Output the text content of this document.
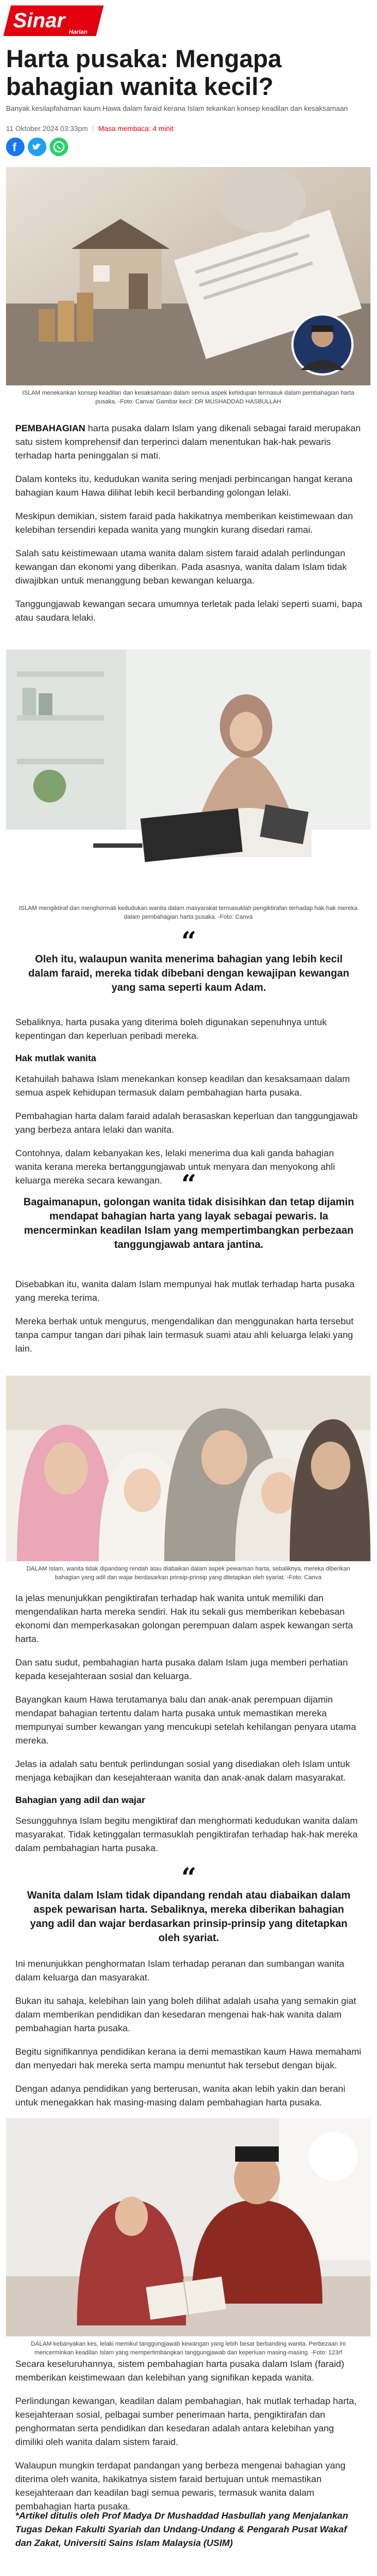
Sinar Harian
Harta pusaka: Mengapa bahagian wanita kecil?

Banyak kesilapfahaman kaum Hawa dalam faraid kerana Islam tekankan konsep keadilan dan kesaksamaan

11 Oktober 2024 03:33pm Masa membaca: 4 minit
f
ISLAM menekankan konsep keadilan dan kesaksamaan dalam semua aspek kehidupan termasuk dalam pembahagian harta pusaka. -Foto: Canva/ Gambar kecil: DR MUSHADDAD HASBULLAH

PEMBAHAGIAN harta pusaka dalam Islam yang dikenali sebagai faraid merupakan satu sistem komprehensif dan terperinci dalam menentukan hak-hak pewaris terhadap harta peninggalan si mati.

Dalam konteks itu, kedudukan wanita sering menjadi perbincangan hangat kerana bahagian kaum Hawa dilihat lebih kecil berbanding golongan lelaki.

Meskipun demikian, sistem faraid pada hakikatnya memberikan keistimewaan dan kelebihan tersendiri kepada wanita yang mungkin kurang disedari ramai.

Salah satu keistimewaan utama wanita dalam sistem faraid adalah perlindungan kewangan dan ekonomi yang diberikan. Pada asasnya, wanita dalam Islam tidak diwajibkan untuk menanggung beban kewangan keluarga.

Tanggungjawab kewangan secara umumnya terletak pada lelaki seperti suami, bapa atau saudara lelaki.

ISLAM mengiktiraf dan menghormati kedudukan wanita dalam masyarakat termasuklah pengiktirafan terhadap hak-hak mereka dalam pembahagian harta pusaka. -Foto: Canva
“

Oleh itu, walaupun wanita menerima bahagian yang lebih kecil dalam faraid, mereka tidak dibebani dengan kewajipan kewangan yang sama seperti kaum Adam.

Sebaliknya, harta pusaka yang diterima boleh digunakan sepenuhnya untuk kepentingan dan keperluan peribadi mereka.

Hak mutlak wanita

Ketahuilah bahawa Islam menekankan konsep keadilan dan kesaksamaan dalam semua aspek kehidupan termasuk dalam pembahagian harta pusaka.

Pembahagian harta dalam faraid adalah berasaskan keperluan dan tanggungjawab yang berbeza antara lelaki dan wanita.

Contohnya, dalam kebanyakan kes, lelaki menerima dua kali ganda bahagian wanita kerana mereka bertanggungjawab untuk menyara dan menyokong ahli keluarga mereka secara kewangan. “

Bagaimanapun, golongan wanita tidak disisihkan dan tetap dijamin mendapat bahagian harta yang layak sebagai pewaris. Ia mencerminkan keadilan Islam yang mempertimbangkan perbezaan tanggungjawab antara jantina.

Disebabkan itu, wanita dalam Islam mempunyai hak mutlak terhadap harta pusaka yang mereka terima.

Mereka berhak untuk mengurus, mengendalikan dan menggunakan harta tersebut tanpa campur tangan dari pihak lain termasuk suami atau ahli keluarga lelaki yang lain.

DALAM Islam, wanita tidak dipandang rendah atau diabaikan dalam aspek pewarisan harta, sebaliknya, mereka diberikan bahagian yang adil dan wajar berdasarkan prinsip-prinsip yang ditetapkan oleh syariat. -Foto: Canva

Ia jelas menunjukkan pengiktirafan terhadap hak wanita untuk memiliki dan mengendalikan harta mereka sendiri. Hak itu sekali gus memberikan kebebasan ekonomi dan memperkasakan golongan perempuan dalam aspek kewangan serta harta.

Dan satu sudut, pembahagian harta pusaka dalam Islam juga memberi perhatian kepada kesejahteraan sosial dan keluarga.

Bayangkan kaum Hawa terutamanya balu dan anak-anak perempuan dijamin mendapat bahagian tertentu dalam harta pusaka untuk memastikan mereka mempunyai sumber kewangan yang mencukupi setelah kehilangan penyara utama mereka.

Jelas ia adalah satu bentuk perlindungan sosial yang disediakan oleh Islam untuk menjaga kebajikan dan kesejahteraan wanita dan anak-anak dalam masyarakat.

Bahagian yang adil dan wajar

Sesungguhnya Islam begitu mengiktiraf dan menghormati kedudukan wanita dalam masyarakat. Tidak ketinggalan termasuklah pengiktirafan terhadap hak-hak mereka dalam pembahagian harta pusaka.

“

Wanita dalam Islam tidak dipandang rendah atau diabaikan dalam aspek pewarisan harta. Sebaliknya, mereka diberikan bahagian yang adil dan wajar berdasarkan prinsip-prinsip yang ditetapkan oleh syariat.

Ini menunjukkan penghormatan Islam terhadap peranan dan sumbangan wanita dalam keluarga dan masyarakat.

Bukan itu sahaja, kelebihan lain yang boleh dilihat adalah usaha yang semakin giat dalam memberikan pendidikan dan kesedaran mengenai hak-hak wanita dalam pembahagian harta pusaka.

Begitu signifikannya pendidikan kerana ia demi memastikan kaum Hawa memahami dan menyedari hak mereka serta mampu menuntut hak tersebut dengan bijak.

Dengan adanya pendidikan yang berterusan, wanita akan lebih yakin dan berani untuk menegakkan hak masing-masing dalam pembahagian harta pusaka.

DALAM kebanyakan kes, lelaki memikul tanggungjawab kewangan yang lebih besar berbanding wanita. Perbezaan ini mencerminkan keadilan Islam yang mempertimbangkan tanggungjawab dan keperluan masing-masing. -Foto: 123rf

Secara keseluruhannya, sistem pembahagian harta pusaka dalam Islam (faraid) memberikan keistimewaan dan kelebihan yang signifikan kepada wanita.

Perlindungan kewangan, keadilan dalam pembahagian, hak mutlak terhadap harta, kesejahteraan sosial, pelbagai sumber penerimaan harta, pengiktirafan dan penghormatan serta pendidikan dan kesedaran adalah antara kelebihan yang dimiliki oleh wanita dalam sistem faraid.

Walaupun mungkin terdapat pandangan yang berbeza mengenai bahagian yang diterima oleh wanita, hakikatnya sistem faraid bertujuan untuk memastikan kesejahteraan dan keadilan bagi semua pewaris, termasuk wanita dalam pembahagian harta pusaka.

*Artikel ditulis oleh Prof Madya Dr Mushaddad Hasbullah yang Menjalankan Tugas Dekan Fakulti Syariah dan Undang-Undang & Pengarah Pusat Wakaf dan Zakat, Universiti Sains Islam Malaysia (USIM)
